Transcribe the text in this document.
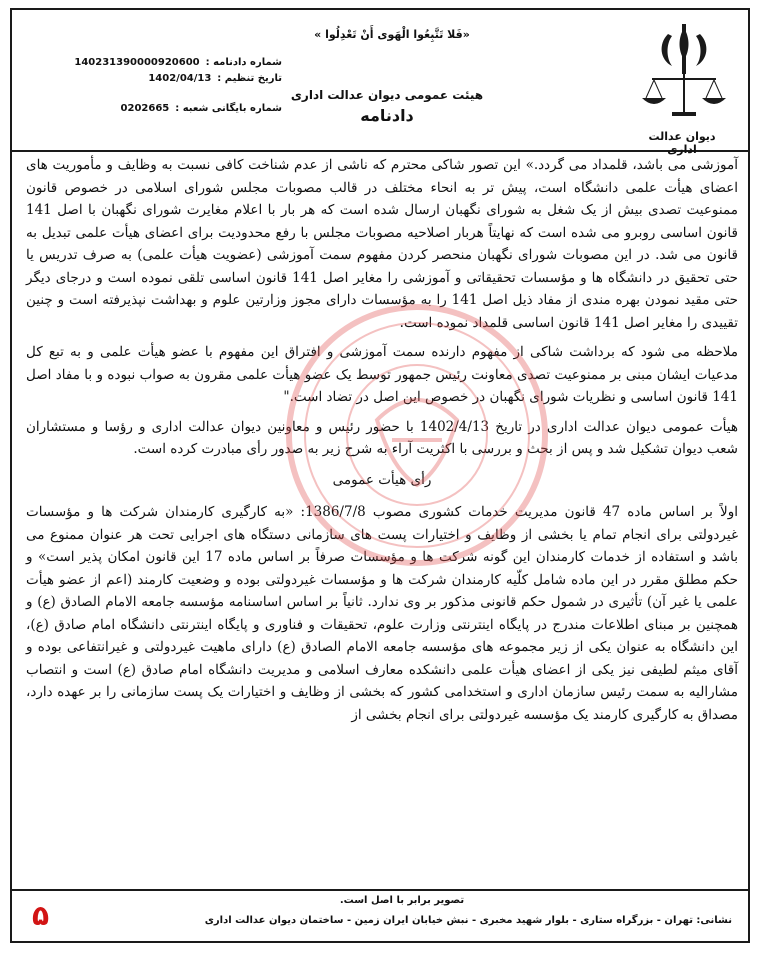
دیوان عدالت اداری
«فَلا تَتَّبِعُوا الْهَوى أَنْ تَعْدِلُوا »
هیئت عمومی دیوان عدالت اداری
دادنامه
شماره دادنامه :
140231390000920600
تاریخ تنظیم :
1402/04/13
شماره بایگانی شعبه :
0202665

آموزشی می باشد، قلمداد می گردد.» این تصور شاکی محترم که ناشی از عدم شناخت کافی نسبت به وظایف و مأموریت های اعضای هیأت علمی دانشگاه است، پیش تر به انحاء مختلف در قالب مصوبات مجلس شورای اسلامی در خصوص قانون ممنوعیت تصدی بیش از یک شغل به شورای نگهبان ارسال شده است که هر بار با اعلام مغایرت شورای نگهبان با اصل 141 قانون اساسی روبرو می شده است که نهایتاً هربار اصلاحیه مصوبات مجلس با رفع محدودیت برای اعضای هیأت علمی تبدیل به قانون می شد. در این مصوبات شورای نگهبان منحصر کردن مفهوم سمت آموزشی (عضویت هیأت علمی) به صرف تدریس یا حتی تحقیق در دانشگاه ها و مؤسسات تحقیقاتی و آموزشی را مغایر اصل 141 قانون اساسی تلقی نموده است و درجای دیگر حتی مقید نمودن بهره مندی از مفاد ذیل اصل 141 را به مؤسسات دارای مجوز وزارتین علوم و بهداشت نپذیرفته است و چنین تقییدی را مغایر اصل 141 قانون اساسی قلمداد نموده است.

ملاحظه می شود که برداشت شاکی از مفهوم دارنده سمت آموزشی و افتراق این مفهوم با عضو هیأت علمی و به تبع کل مدعیات ایشان مبنی بر ممنوعیت تصدی معاونت رئیس جمهور توسط یک عضو هیأت علمی مقرون به صواب نبوده و با مفاد اصل 141 قانون اساسی و نظریات شورای نگهبان در خصوص این اصل در تضاد است."

هیأت عمومی دیوان عدالت اداری در تاریخ 1402/4/13 با حضور رئیس و معاونین دیوان عدالت اداری و رؤسا و مستشاران شعب دیوان تشکیل شد و پس از بحث و بررسی با اکثریت آراء به شرح زیر به صدور رأی مبادرت کرده است.

رأی هیأت عمومی

اولاً بر اساس ماده 47 قانون مدیریت خدمات کشوری مصوب 1386/7/8: «به کارگیری کارمندان شرکت ها و مؤسسات غیردولتی برای انجام تمام یا بخشی از وظایف و اختیارات پست های سازمانی دستگاه های اجرایی تحت هر عنوان ممنوع می باشد و استفاده از خدمات کارمندان این گونه شرکت ها و مؤسسات صرفاً بر اساس ماده 17 این قانون امکان پذیر است» و حکم مطلق مقرر در این ماده شامل کلّیه کارمندان شرکت ها و مؤسسات غیردولتی بوده و وضعیت کارمند (اعم از عضو هیأت علمی یا غیر آن) تأثیری در شمول حکم قانونی مذکور بر وی ندارد. ثانیاً بر اساس اساسنامه مؤسسه جامعه الامام الصادق (ع) و همچنین بر مبنای اطلاعات مندرج در پایگاه اینترنتی وزارت علوم، تحقیقات و فناوری و پایگاه اینترنتی دانشگاه امام صادق (ع)، این دانشگاه به عنوان یکی از زیر مجموعه های مؤسسه جامعه الامام الصادق (ع) دارای ماهیت غیردولتی و غیرانتفاعی بوده و آقای میثم لطیفی نیز یکی از اعضای هیأت علمی دانشکده معارف اسلامی و مدیریت دانشگاه امام صادق (ع) است و انتصاب مشارالیه به سمت رئیس سازمان اداری و استخدامی کشور که بخشی از وظایف و اختیارات یک پست سازمانی را بر عهده دارد، مصداق به کارگیری کارمند یک مؤسسه غیردولتی برای انجام بخشی از

تصویر برابر با اصل است.
نشانی: تهران - بزرگراه ستاری - بلوار شهید مخبری - نبش خیابان ایران زمین - ساختمان دیوان عدالت اداری
۵
